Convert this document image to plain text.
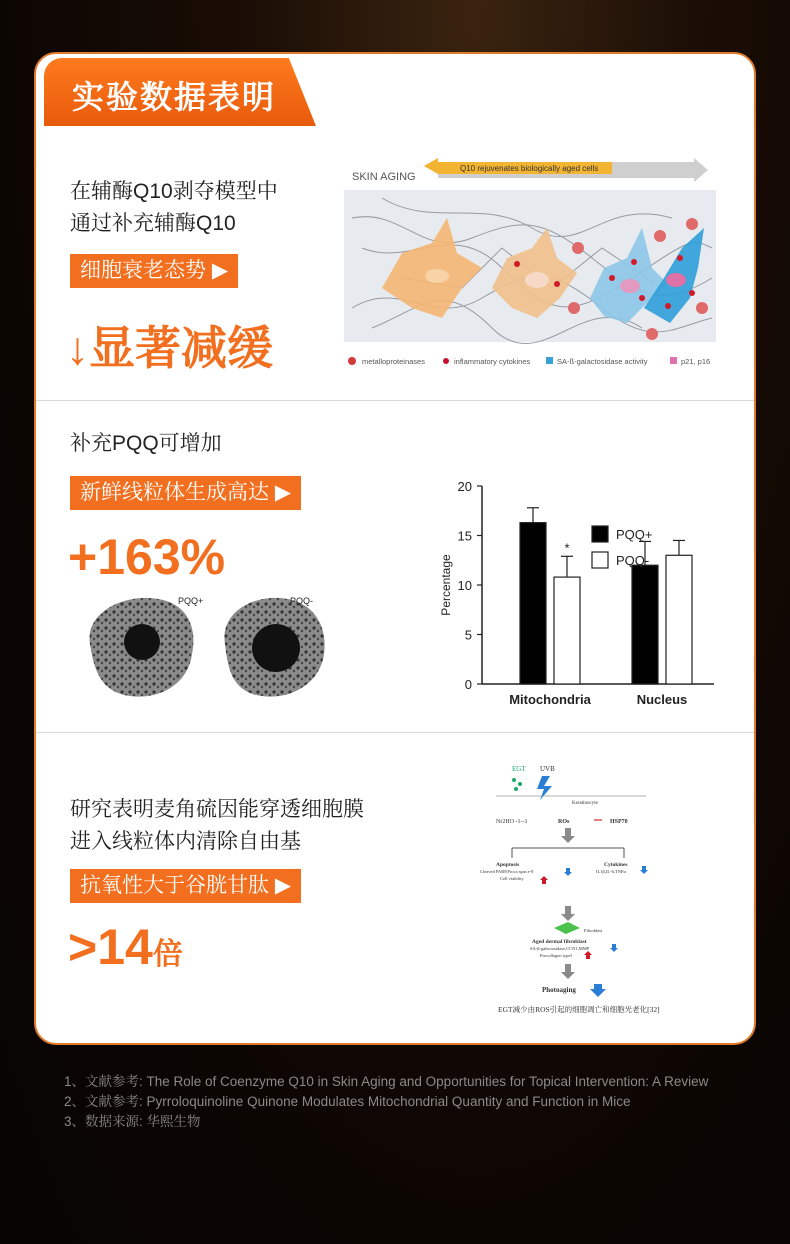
实验数据表明
在辅酶Q10剥夺模型中
通过补充辅酶Q10
细胞衰老态势 ▶
↓显著减缓
SKIN AGING
Q10 rejuvenates biologically aged cells
metalloproteinases	inflammatory cytokines	SA-ß-galactosidase activity	p21, p16
补充PQQ可增加
新鲜线粒体生成高达 ▶
+163%
PQQ+	PQQ-
0
5
10
15
20
Percentage
*
Mitochondria	Nucleus
PQQ+
PQQ-
研究表明麦角硫因能穿透细胞膜
进入线粒体内清除自由基
抗氧性大于谷胱甘肽 ▶
>14倍
EGT UVB
Keratinocyte
Nr2HO -1--1	ROs	HSP70
Apoptosis
Cleaved PARP,Proca spas e-8
Cell viability
Cytokines
IL1β,IL-6,TNFα
Fibroblast
Aged dermal fibroblast
SA-β-galactosidase,CCN1,MMP
Procollagen typeI
Photoaging
EGT减少由ROS引起的细胞凋亡和细胞光老化[32]
1、文献参考: The Role of Coenzyme Q10 in Skin Aging and Opportunities for Topical Intervention: A Review
2、文献参考: Pyrroloquinoline Quinone Modulates Mitochondrial Quantity and Function in Mice
3、数据来源: 华熙生物
